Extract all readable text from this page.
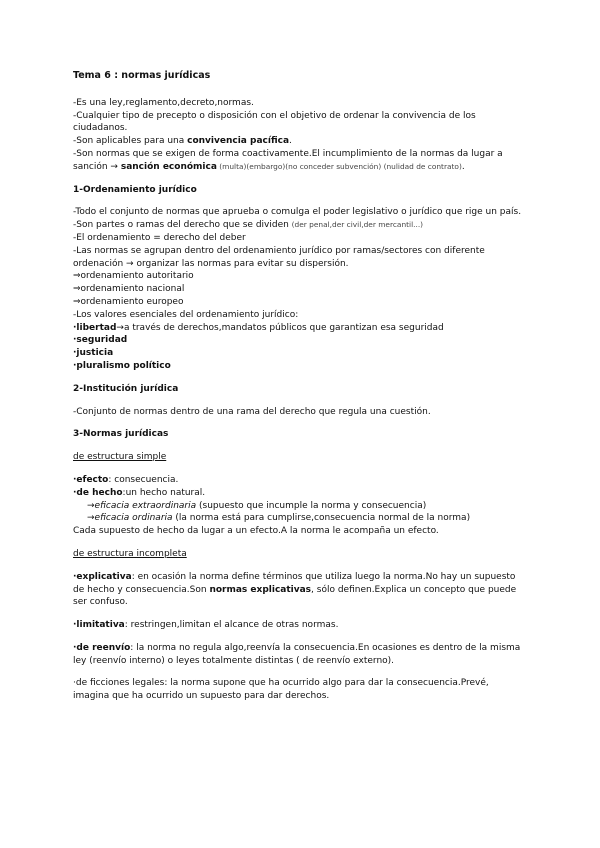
Tema 6 : normas jurídicas

-Es una ley,reglamento,decreto,normas.

-Cualquier tipo de precepto o disposición con el objetivo de ordenar la convivencia de los ciudadanos.

-Son aplicables para una convivencia pacífica.

-Son normas que se exigen de forma coactivamente.El incumplimiento de la normas da lugar a sanción → sanción económica (multa)(embargo)(no conceder subvención) (nulidad de contrato).

1-Ordenamiento jurídico

-Todo el conjunto de normas que aprueba o comulga el poder legislativo o jurídico que rige un país.

-Son partes o ramas del derecho que se dividen (der penal,der civil,der mercantil...)

-El ordenamiento = derecho del deber

-Las normas se agrupan dentro del ordenamiento jurídico por ramas/sectores con diferente ordenación → organizar las normas para evitar su dispersión.

⇒ordenamiento autoritario

⇒ordenamiento nacional

⇒ordenamiento europeo

-Los valores esenciales del ordenamiento jurídico:

·libertad→a través de derechos,mandatos públicos que garantizan esa seguridad

·seguridad

·justicia

·pluralismo político

2-Institución jurídica

-Conjunto de normas dentro de una rama del derecho que regula una cuestión.

3-Normas jurídicas

de estructura simple

·efecto: consecuencia.

·de hecho:un hecho natural.

→eficacia extraordinaria (supuesto que incumple la norma y consecuencia)

→eficacia ordinaria (la norma está para cumplirse,consecuencia normal de la norma)

Cada supuesto de hecho da lugar a un efecto.A la norma le acompaña un efecto.

de estructura incompleta

·explicativa: en ocasión la norma define términos que utiliza luego la norma.No hay un supuesto de hecho y consecuencia.Son normas explicativas, sólo definen.Explica un concepto que puede ser confuso.

·limitativa: restringen,limitan el alcance de otras normas.

·de reenvío: la norma no regula algo,reenvía la consecuencia.En ocasiones es dentro de la misma ley (reenvío interno) o leyes totalmente distintas ( de reenvío externo).

·de ficciones legales: la norma supone que ha ocurrido algo para dar la consecuencia.Prevé, imagina que ha ocurrido un supuesto para dar derechos.
